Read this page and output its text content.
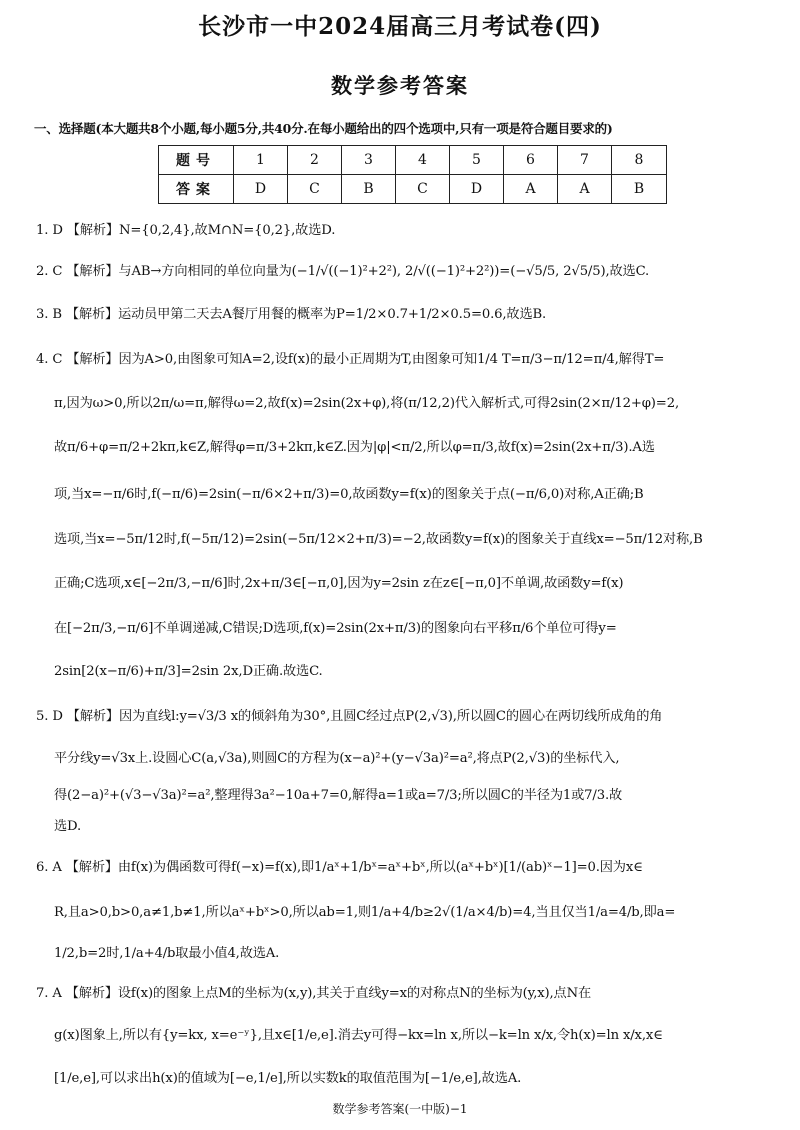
长沙市一中2024届高三月考试卷(四)
数学参考答案
一、选择题(本大题共8个小题,每小题5分,共40分.在每小题给出的四个选项中,只有一项是符合题目要求的)
题号	1	2	3	4	5	6	7	8
答案	D	C	B	C	D	A	A	B
1. D 【解析】N={0,2,4},故M∩N={0,2},故选D.
2. C 【解析】与AB→方向相同的单位向量为(−1/√((−1)²+2²), 2/√((−1)²+2²))=(−√5/5, 2√5/5),故选C.
3. B 【解析】运动员甲第二天去A餐厅用餐的概率为P=1/2×0.7+1/2×0.5=0.6,故选B.
4. C 【解析】因为A>0,由图象可知A=2,设f(x)的最小正周期为T,由图象可知1/4 T=π/3−π/12=π/4,解得T=
π,因为ω>0,所以2π/ω=π,解得ω=2,故f(x)=2sin(2x+φ),将(π/12,2)代入解析式,可得2sin(2×π/12+φ)=2,
故π/6+φ=π/2+2kπ,k∈Z,解得φ=π/3+2kπ,k∈Z.因为|φ|<π/2,所以φ=π/3,故f(x)=2sin(2x+π/3).A选
项,当x=−π/6时,f(−π/6)=2sin(−π/6×2+π/3)=0,故函数y=f(x)的图象关于点(−π/6,0)对称,A正确;B
选项,当x=−5π/12时,f(−5π/12)=2sin(−5π/12×2+π/3)=−2,故函数y=f(x)的图象关于直线x=−5π/12对称,B
正确;C选项,x∈[−2π/3,−π/6]时,2x+π/3∈[−π,0],因为y=2sin z在z∈[−π,0]不单调,故函数y=f(x)
在[−2π/3,−π/6]不单调递减,C错误;D选项,f(x)=2sin(2x+π/3)的图象向右平移π/6个单位可得y=
2sin[2(x−π/6)+π/3]=2sin 2x,D正确.故选C.
5. D 【解析】因为直线l:y=√3/3 x的倾斜角为30°,且圆C经过点P(2,√3),所以圆C的圆心在两切线所成角的角
平分线y=√3x上.设圆心C(a,√3a),则圆C的方程为(x−a)²+(y−√3a)²=a²,将点P(2,√3)的坐标代入,
得(2−a)²+(√3−√3a)²=a²,整理得3a²−10a+7=0,解得a=1或a=7/3;所以圆C的半径为1或7/3.故
选D.
6. A 【解析】由f(x)为偶函数可得f(−x)=f(x),即1/aˣ+1/bˣ=aˣ+bˣ,所以(aˣ+bˣ)[1/(ab)ˣ−1]=0.因为x∈
R,且a>0,b>0,a≠1,b≠1,所以aˣ+bˣ>0,所以ab=1,则1/a+4/b≥2√(1/a×4/b)=4,当且仅当1/a=4/b,即a=
1/2,b=2时,1/a+4/b取最小值4,故选A.
7. A 【解析】设f(x)的图象上点M的坐标为(x,y),其关于直线y=x的对称点N的坐标为(y,x),点N在
g(x)图象上,所以有{y=kx, x=e⁻ʸ},且x∈[1/e,e].消去y可得−kx=ln x,所以−k=ln x/x,令h(x)=ln x/x,x∈
[1/e,e],可以求出h(x)的值域为[−e,1/e],所以实数k的取值范围为[−1/e,e],故选A.
数学参考答案(一中版)−1
